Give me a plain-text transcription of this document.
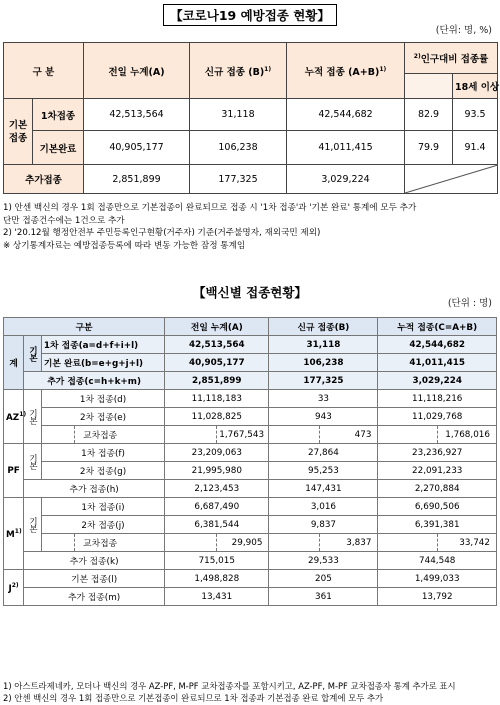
【코로나19 예방접종 현황】
(단위: 명, %)
구 분		전일 누계(A)	신규 접종 $(B)^{1)}$	누적 접종 $(A+B)^{1)}$	$^{2)}$인구대비 접종률	
						18세 이상
기본접종	1차접종	42,513,564	31,118	42,544,682	82.9	93.5
	기본완료	40,905,177	106,238	41,011,415	79.9	91.4
추가접종		2,851,899	177,325	3,029,224	
1) 안센 백신의 경우 1회 접종만으로 기본접종이 완료되므로 접종 시 '1차 접종'과 '기본 완료' 통계에 모두 추가
단만 접종건수에는 1건으로 추가
2) '20.12월 행정안전부 주민등록인구현황(거주자) 기준(거주불명자, 재외국민 제외)
※ 상기통계자료는 예방접종등록에 따라 변동 가능한 잠정 통계임
【백신별 접종현황】
(단위 : 명)
구분				전일 누계(A)		신규 접종(B)		누적 접종(C=A+B)	
계	기본	1차 접종(a=d+f+i+l)		42,513,564		31,118		42,544,682	
		기본 완료(b=e+g+j+l)		40,905,177		106,238		41,011,415	
	추가 접종(c=h+k+m)			2,851,899		177,325		3,029,224	
AZ$^{1)}$	기본	1차 접종(d)		11,118,183		33		11,118,216	
		2차 접종(e)		11,028,825		943		11,029,768	
			교차접종		1,767,543		473		1,768,016
PF	기본	1차 접종(f)		23,209,063		27,864		23,236,927	
		2차 접종(g)		21,995,980		95,253		22,091,233	
	추가 접종(h)			2,123,453		147,431		2,270,884	
$M^{1)}$	기본	1차 접종(i)		6,687,490		3,016		6,690,506	
		2차 접종(j)		6,381,544		9,837		6,391,381	
			교차접종		29,905		3,837		33,742
	추가 접종(k)			715,015		29,533		744,548	
$J^{2)}$	기본 접종(l)			1,498,828		205		1,499,033	
	추가 접종(m)			13,431		361		13,792	
1) 아스트라제네카, 모더나 백신의 경우 AZ-PF, M-PF 교차접종자를 포함시키고, AZ-PF, M-PF 교차접종자 통계 추가로 표시
2) 안센 백신의 경우 1회 접종만으로 기본접종이 완료되므로 1차 접종과 기본접종 완료 합계에 모두 추가
